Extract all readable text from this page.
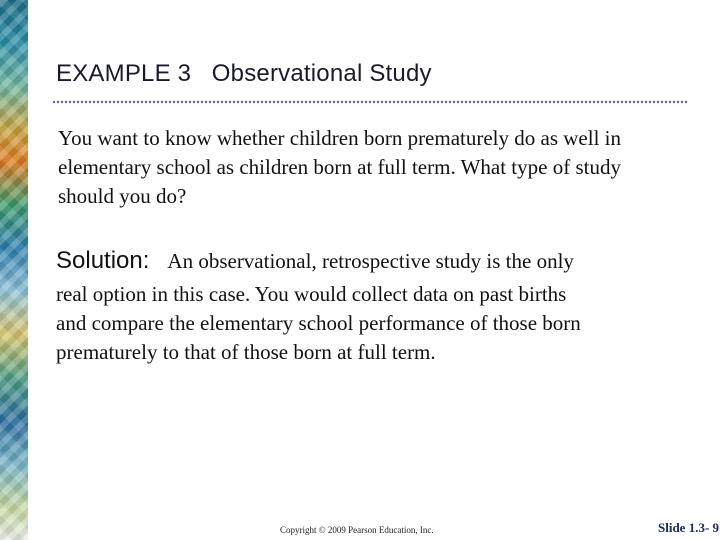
EXAMPLE 3   Observational Study
You want to know whether children born prematurely do as well in
elementary school as children born at full term. What type of study
should you do?
Solution: An observational, retrospective study is the only
real option in this case. You would collect data on past births
and compare the elementary school performance of those born
prematurely to that of those born at full term.
Copyright © 2009 Pearson Education, Inc.	Slide 1.3- 9
